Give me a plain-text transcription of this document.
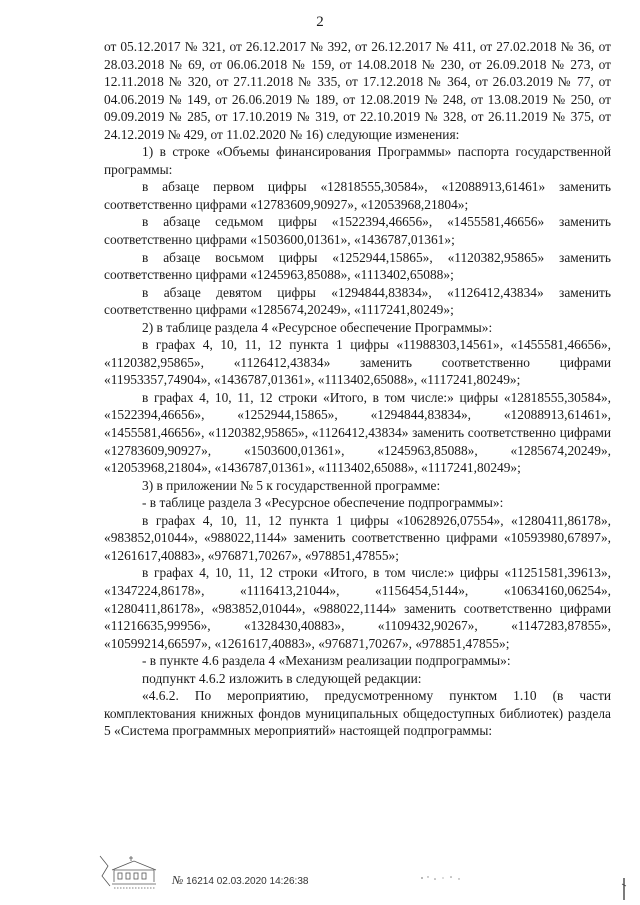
2

от 05.12.2017 № 321, от 26.12.2017 № 392, от 26.12.2017 № 411, от 27.02.2018 № 36, от 28.03.2018 № 69, от 06.06.2018 № 159, от 14.08.2018 № 230, от 26.09.2018 № 273, от 12.11.2018 № 320, от 27.11.2018 № 335, от 17.12.2018 № 364, от 26.03.2019 № 77, от 04.06.2019 № 149, от 26.06.2019 № 189, от 12.08.2019 № 248, от 13.08.2019 № 250, от 09.09.2019 № 285, от 17.10.2019 № 319, от 22.10.2019 № 328, от 26.11.2019 № 375, от 24.12.2019 № 429, от 11.02.2020 № 16) следующие изменения:

1) в строке «Объемы финансирования Программы» паспорта государственной программы:

в абзаце первом цифры «12818555,30584», «12088913,61461» заменить соответственно цифрами «12783609,90927», «12053968,21804»;

в абзаце седьмом цифры «1522394,46656», «1455581,46656» заменить соответственно цифрами «1503600,01361», «1436787,01361»;

в абзаце восьмом цифры «1252944,15865», «1120382,95865» заменить соответственно цифрами «1245963,85088», «1113402,65088»;

в абзаце девятом цифры «1294844,83834», «1126412,43834» заменить соответственно цифрами «1285674,20249», «1117241,80249»;

2) в таблице раздела 4 «Ресурсное обеспечение Программы»:

в графах 4, 10, 11, 12 пункта 1 цифры «11988303,14561», «1455581,46656», «1120382,95865», «1126412,43834» заменить соответственно цифрами «11953357,74904», «1436787,01361», «1113402,65088», «1117241,80249»;

в графах 4, 10, 11, 12 строки «Итого, в том числе:» цифры «12818555,30584», «1522394,46656», «1252944,15865», «1294844,83834», «12088913,61461», «1455581,46656», «1120382,95865», «1126412,43834» заменить соответственно цифрами «12783609,90927», «1503600,01361», «1245963,85088», «1285674,20249», «12053968,21804», «1436787,01361», «1113402,65088», «1117241,80249»;

3) в приложении № 5 к государственной программе:

- в таблице раздела 3 «Ресурсное обеспечение подпрограммы»:

в графах 4, 10, 11, 12 пункта 1 цифры «10628926,07554», «1280411,86178», «983852,01044», «988022,1144» заменить соответственно цифрами «10593980,67897», «1261617,40883», «976871,70267», «978851,47855»;

в графах 4, 10, 11, 12 строки «Итого, в том числе:» цифры «11251581,39613», «1347224,86178», «1116413,21044», «1156454,5144», «10634160,06254», «1280411,86178», «983852,01044», «988022,1144» заменить соответственно цифрами «11216635,99956», «1328430,40883», «1109432,90267», «1147283,87855», «10599214,66597», «1261617,40883», «976871,70267», «978851,47855»;

- в пункте 4.6 раздела 4 «Механизм реализации подпрограммы»:

подпункт 4.6.2 изложить в следующей редакции:

«4.6.2. По мероприятию, предусмотренному пунктом 1.10 (в части комплектования книжных фондов муниципальных общедоступных библиотек) раздела 5 «Система программных мероприятий» настоящей подпрограммы:

№ 16214 02.03.2020 14:26:38
